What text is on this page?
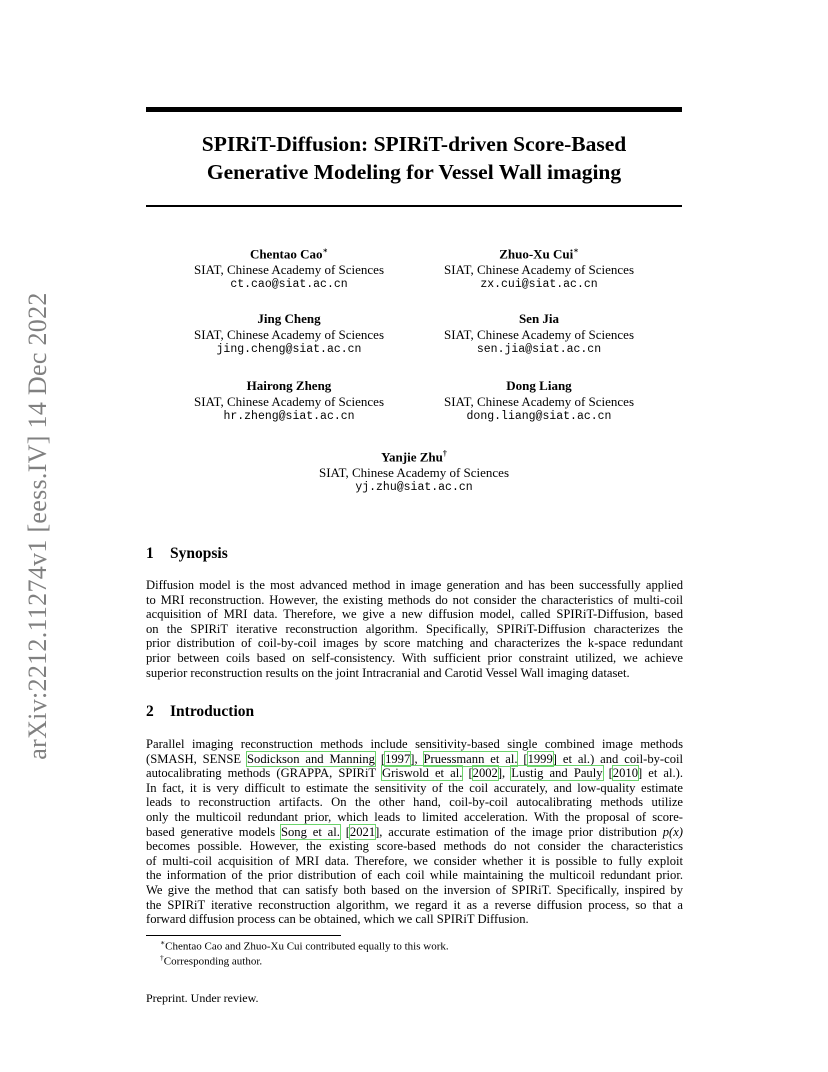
arXiv:2212.11274v1 [eess.IV] 14 Dec 2022
SPIRiT-Diffusion: SPIRiT-driven Score-Based
Generative Modeling for Vessel Wall imaging
Chentao Cao∗
SIAT, Chinese Academy of Sciences
ct.cao@siat.ac.cn
Zhuo-Xu Cui∗
SIAT, Chinese Academy of Sciences
zx.cui@siat.ac.cn
Jing Cheng
SIAT, Chinese Academy of Sciences
jing.cheng@siat.ac.cn
Sen Jia
SIAT, Chinese Academy of Sciences
sen.jia@siat.ac.cn
Hairong Zheng
SIAT, Chinese Academy of Sciences
hr.zheng@siat.ac.cn
Dong Liang
SIAT, Chinese Academy of Sciences
dong.liang@siat.ac.cn
Yanjie Zhu†
SIAT, Chinese Academy of Sciences
yj.zhu@siat.ac.cn
1 Synopsis
Diffusion model is the most advanced method in image generation and has been successfully applied
to MRI reconstruction. However, the existing methods do not consider the characteristics of multi-coil
acquisition of MRI data. Therefore, we give a new diffusion model, called SPIRiT-Diffusion, based
on the SPIRiT iterative reconstruction algorithm. Specifically, SPIRiT-Diffusion characterizes the
prior distribution of coil-by-coil images by score matching and characterizes the k-space redundant
prior between coils based on self-consistency. With sufficient prior constraint utilized, we achieve
superior reconstruction results on the joint Intracranial and Carotid Vessel Wall imaging dataset.
2 Introduction
Parallel imaging reconstruction methods include sensitivity-based single combined image methods
(SMASH, SENSE Sodickson and Manning [1997], Pruessmann et al. [1999] et al.) and coil-by-coil
autocalibrating methods (GRAPPA, SPIRiT Griswold et al. [2002], Lustig and Pauly [2010] et al.).
In fact, it is very difficult to estimate the sensitivity of the coil accurately, and low-quality estimate
leads to reconstruction artifacts. On the other hand, coil-by-coil autocalibrating methods utilize
only the multicoil redundant prior, which leads to limited acceleration. With the proposal of score-
based generative models Song et al. [2021], accurate estimation of the image prior distribution p(x)
becomes possible. However, the existing score-based methods do not consider the characteristics
of multi-coil acquisition of MRI data. Therefore, we consider whether it is possible to fully exploit
the information of the prior distribution of each coil while maintaining the multicoil redundant prior.
We give the method that can satisfy both based on the inversion of SPIRiT. Specifically, inspired by
the SPIRiT iterative reconstruction algorithm, we regard it as a reverse diffusion process, so that a
forward diffusion process can be obtained, which we call SPIRiT Diffusion.
∗Chentao Cao and Zhuo-Xu Cui contributed equally to this work.
†Corresponding author.
Preprint. Under review.
